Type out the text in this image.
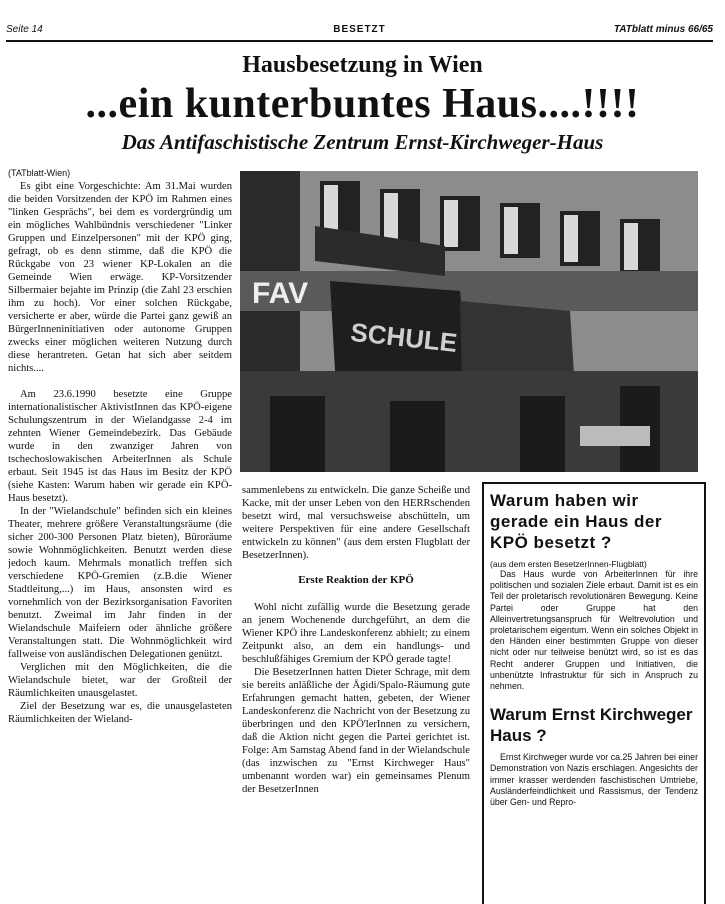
Seite 14	BESETZT	TATblatt minus 66/65
Hausbesetzung in Wien
...ein kunterbuntes Haus....!!!!
Das Antifaschistische Zentrum Ernst-Kirchweger-Haus

(TATblatt-Wien)

Es gibt eine Vorgeschichte: Am 31.Mai wurden die beiden Vorsitzenden der KPÖ im Rahmen eines "linken Gesprächs", bei dem es vordergründig um ein mögliches Wahlbündnis verschiedener "Linker Gruppen und Einzelpersonen" mit der KPÖ ging, gefragt, ob es denn stimme, daß die KPÖ die Rückgabe von 23 wiener KP-Lokalen an die Gemeinde Wien erwäge. KP-Vorsitzender Silbermaier bejahte im Prinzip (die Zahl 23 erschien ihm zu hoch). Vor einer solchen Rückgabe, versicherte er aber, würde die Partei ganz gewiß an BürgerInneninitiativen oder autonome Gruppen zwecks einer möglichen weiteren Nutzung durch diese herantreten. Getan hat sich aber seitdem nichts....

Am 23.6.1990 besetzte eine Gruppe internationalistischer AktivistInnen das KPÖ-eigene Schulungszentrum in der Wielandgasse 2-4 im zehnten Wiener Gemeindebezirk. Das Gebäude wurde in den zwanziger Jahren von tschechoslowakischen ArbeiterInnen als Schule erbaut. Seit 1945 ist das Haus im Besitz der KPÖ (siehe Kasten: Warum haben wir gerade ein KPÖ-Haus besetzt).

In der "Wielandschule" befinden sich ein kleines Theater, mehrere größere Veranstaltungsräume (die sicher 200-300 Personen Platz bieten), Büroräume sowie Wohnmöglichkeiten. Benutzt werden diese jedoch kaum. Mehrmals monatlich treffen sich verschiedene KPÖ-Gremien (z.B.die Wiener Stadtleitung,...) im Haus, ansonsten wird es vornehmlich von der Bezirksorganisation Favoriten benutzt. Zweimal im Jahr finden in der Wielandschule Maifeiern oder ähnliche größere Veranstaltungen statt. Die Wohnmöglichkeit wird fallweise von ausländischen Delegationen genützt.

Verglichen mit den Möglichkeiten, die die Wielandschule bietet, war der Großteil der Räumlichkeiten unausgelastet.

Ziel der Besetzung war es, die unausgelasteten Räumlichkeiten der Wieland-

FAV
SCHULE

sammenlebens zu entwickeln. Die ganze Scheiße und Kacke, mit der unser Leben von den HERRschenden besetzt wird, mal versuchsweise abschütteln, um weitere Perspektiven für eine andere Gesellschaft entwickeln zu können" (aus dem ersten Flugblatt der BesetzerInnen).

Erste Reaktion der KPÖ

Wohl nicht zufällig wurde die Besetzung gerade an jenem Wochenende durchgeführt, an dem die Wiener KPÖ ihre Landeskonferenz abhielt; zu einem Zeitpunkt also, an dem ein handlungs- und beschlußfähiges Gremium der KPÖ gerade tagte!

Die BesetzerInnen hatten Dieter Schrage, mit dem sie bereits anläßliche der Ägidi/Spalo-Räumung gute Erfahrungen gemacht hatten, gebeten, der Wiener Landeskonferenz die Nachricht von der Besetzung zu überbringen und den KPÖ'lerInnen zu versichern, daß die Aktion nicht gegen die Partei gerichtet ist. Folge: Am Samstag Abend fand in der Wielandschule (das inzwischen zu "Ernst Kirchweger Haus" umbenannt worden war) ein gemeinsames Plenum der BesetzerInnen

Warum haben wir gerade ein Haus der KPÖ besetzt ?
(aus dem ersten BesetzerInnen-Flugblatt)

Das Haus wurde von ArbeiterInnen für ihre politischen und sozialen Ziele erbaut. Damit ist es ein Teil der proletarisch revolutionären Bewegung. Keine Partei oder Gruppe hat den Alleinvertretungsanspruch für Weltrevolution und proletarischem eigentum. Wenn ein solches Objekt in den Händen einer bestimmten Gruppe von dieser nicht oder nur teilweise benützt wird, so ist es das Recht anderer Gruppen und Initiativen, die unbenützte Infrastruktur für sich in Anspruch zu nehmen.

Warum Ernst Kirchweger Haus ?

Ernst Kirchweger wurde vor ca.25 Jahren bei einer Demonstration von Nazis erschlagen. Angesichts der immer krasser werdenden faschistischen Umtriebe, Ausländerfeindlichkeit und Rassismus, der Tendenz über Gen- und Repro-
